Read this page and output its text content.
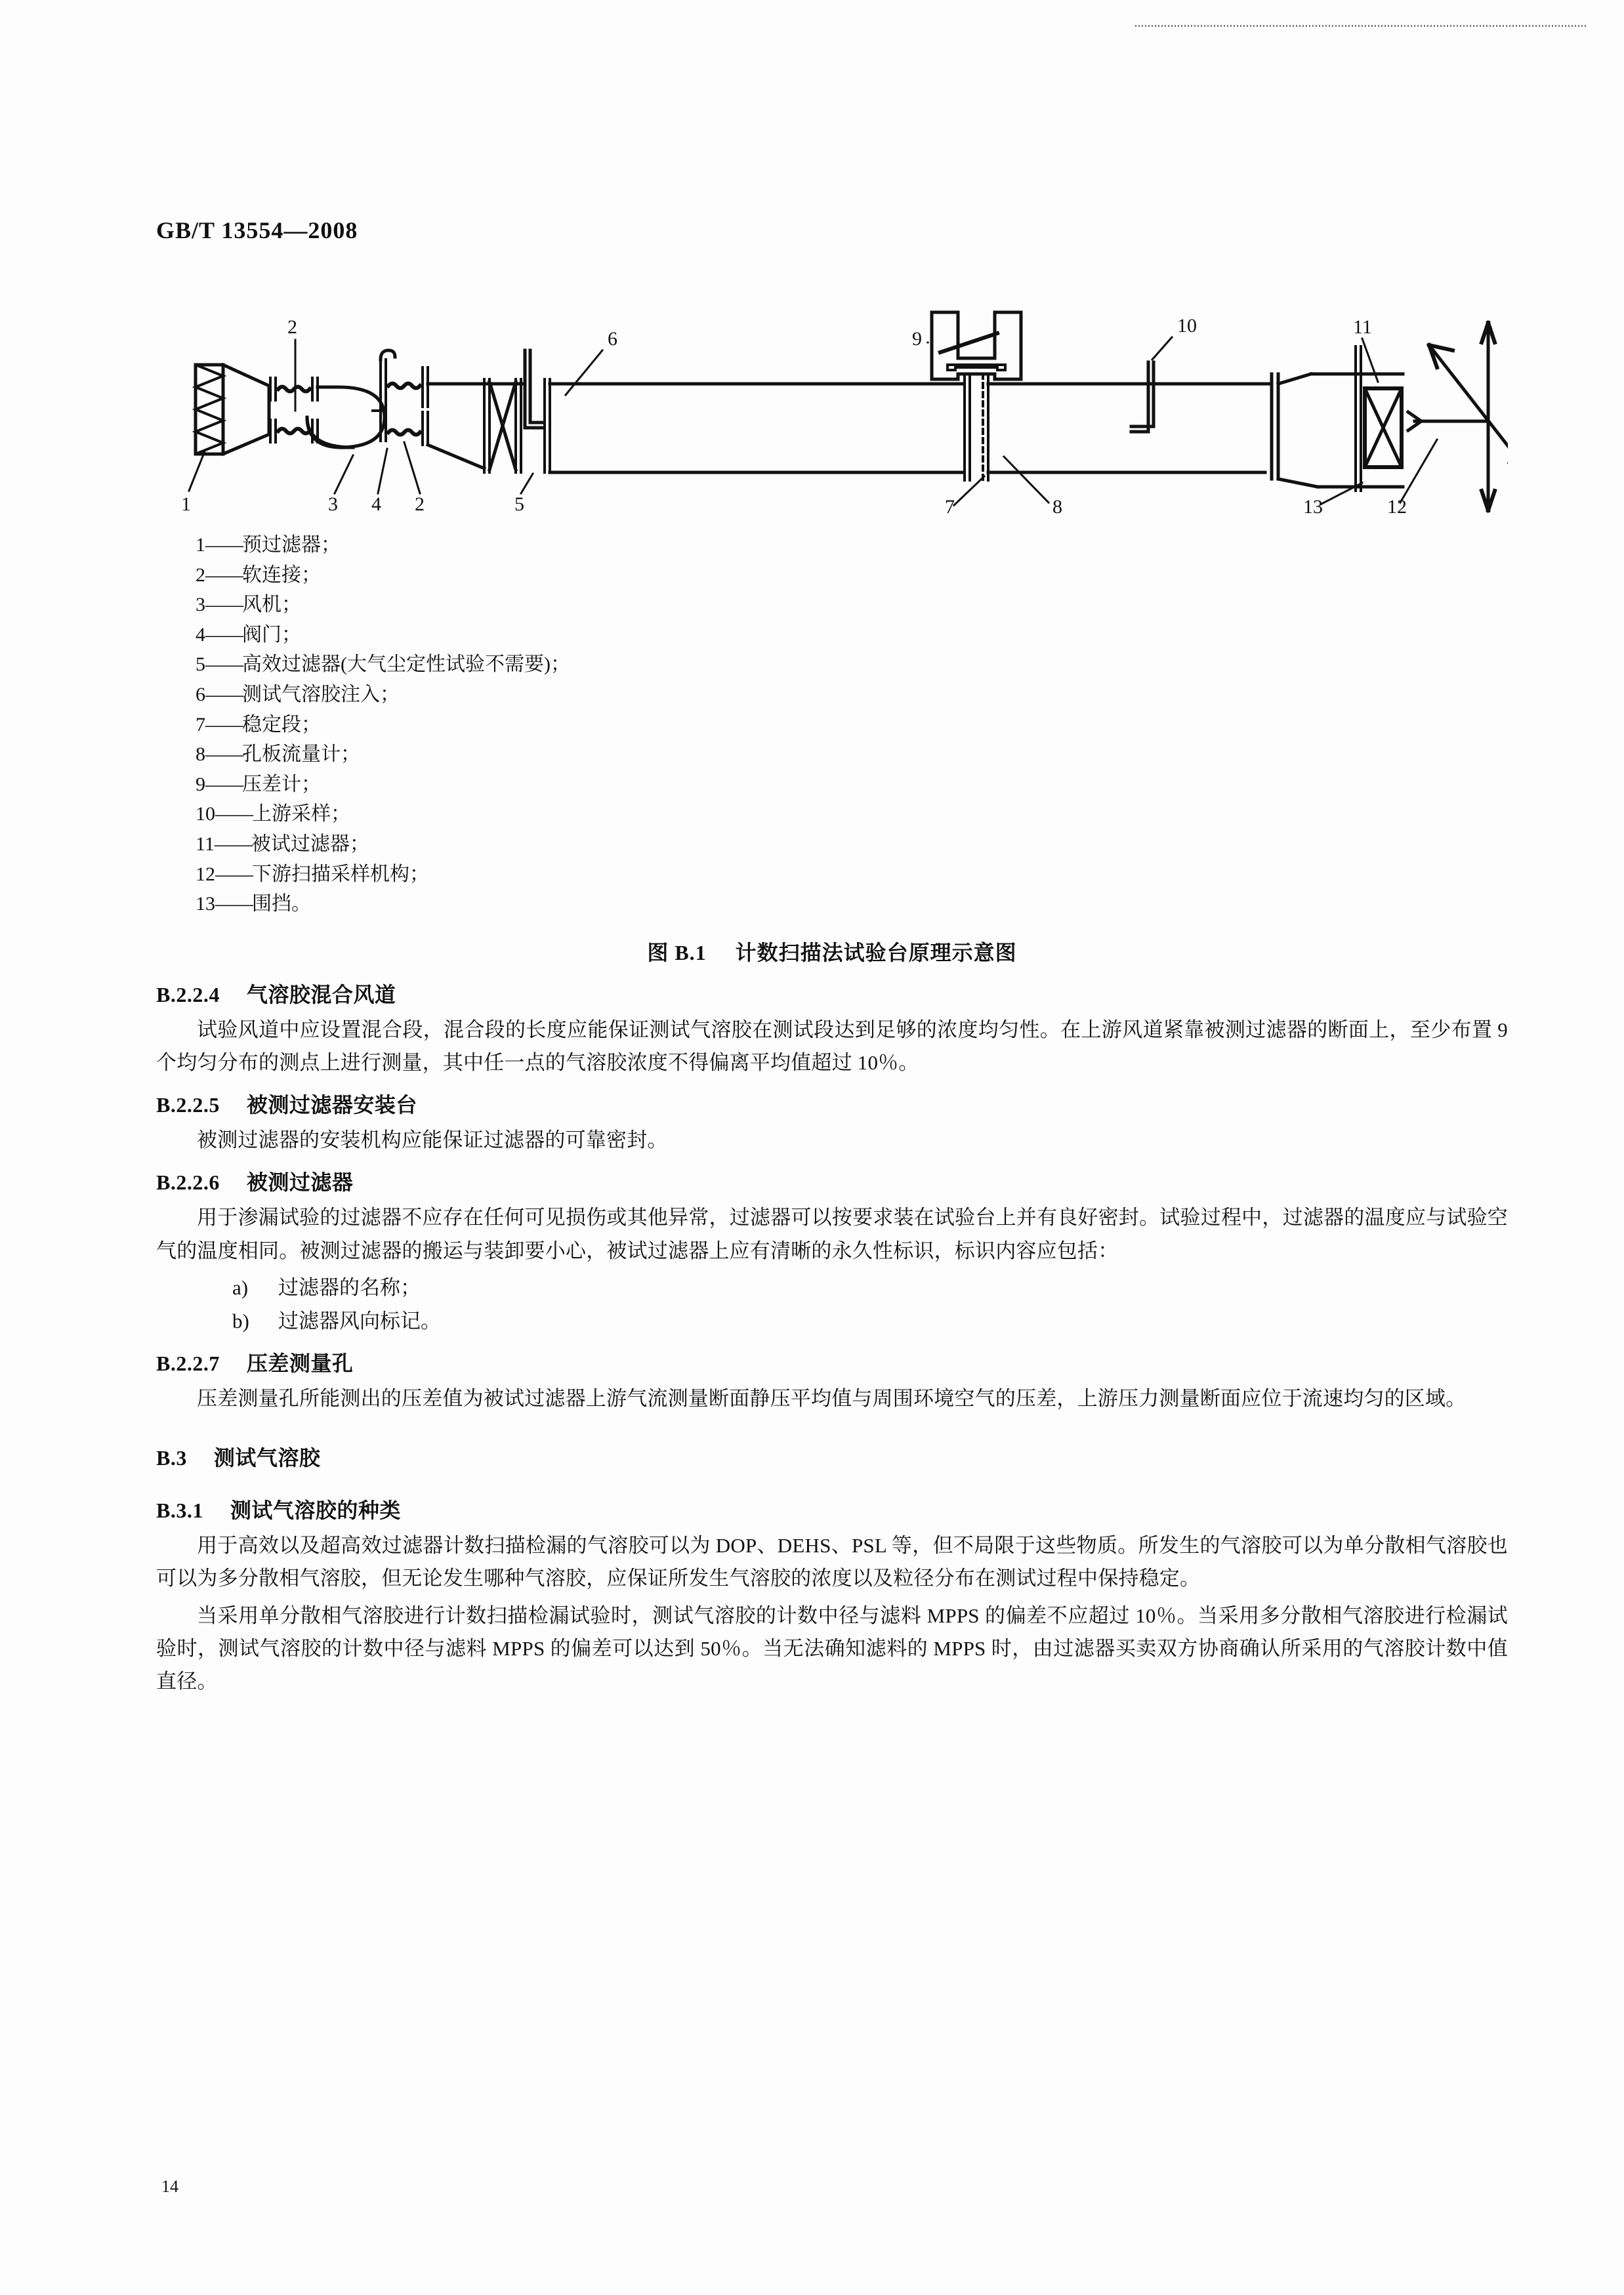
GB/T 13554—2008
2
6	9
10	11
1	3 4 2	5	7	8	13	12
1——预过滤器；
2——软连接；
3——风机；
4——阀门；
5——高效过滤器(大气尘定性试验不需要)；
6——测试气溶胶注入；
7——稳定段；
8——孔板流量计；
9——压差计；
10——上游采样；
11——被试过滤器；
12——下游扫描采样机构；
13——围挡。
图 B.1 计数扫描法试验台原理示意图
B.2.2.4 气溶胶混合风道

试验风道中应设置混合段，混合段的长度应能保证测试气溶胶在测试段达到足够的浓度均匀性。在上游风道紧靠被测过滤器的断面上，至少布置 9 个均匀分布的测点上进行测量，其中任一点的气溶胶浓度不得偏离平均值超过 10％。

B.2.2.5 被测过滤器安装台

被测过滤器的安装机构应能保证过滤器的可靠密封。

B.2.2.6 被测过滤器

用于渗漏试验的过滤器不应存在任何可见损伤或其他异常，过滤器可以按要求装在试验台上并有良好密封。试验过程中，过滤器的温度应与试验空气的温度相同。被测过滤器的搬运与装卸要小心，被试过滤器上应有清晰的永久性标识，标识内容应包括：

a) 过滤器的名称；
b) 过滤器风向标记。
B.2.2.7 压差测量孔

压差测量孔所能测出的压差值为被试过滤器上游气流测量断面静压平均值与周围环境空气的压差，上游压力测量断面应位于流速均匀的区域。

B.3 测试气溶胶
B.3.1 测试气溶胶的种类

用于高效以及超高效过滤器计数扫描检漏的气溶胶可以为 DOP、DEHS、PSL 等，但不局限于这些物质。所发生的气溶胶可以为单分散相气溶胶也可以为多分散相气溶胶，但无论发生哪种气溶胶，应保证所发生气溶胶的浓度以及粒径分布在测试过程中保持稳定。

当采用单分散相气溶胶进行计数扫描检漏试验时，测试气溶胶的计数中径与滤料 MPPS 的偏差不应超过 10％。当采用多分散相气溶胶进行检漏试验时，测试气溶胶的计数中径与滤料 MPPS 的偏差可以达到 50％。当无法确知滤料的 MPPS 时，由过滤器买卖双方协商确认所采用的气溶胶计数中值直径。

14
